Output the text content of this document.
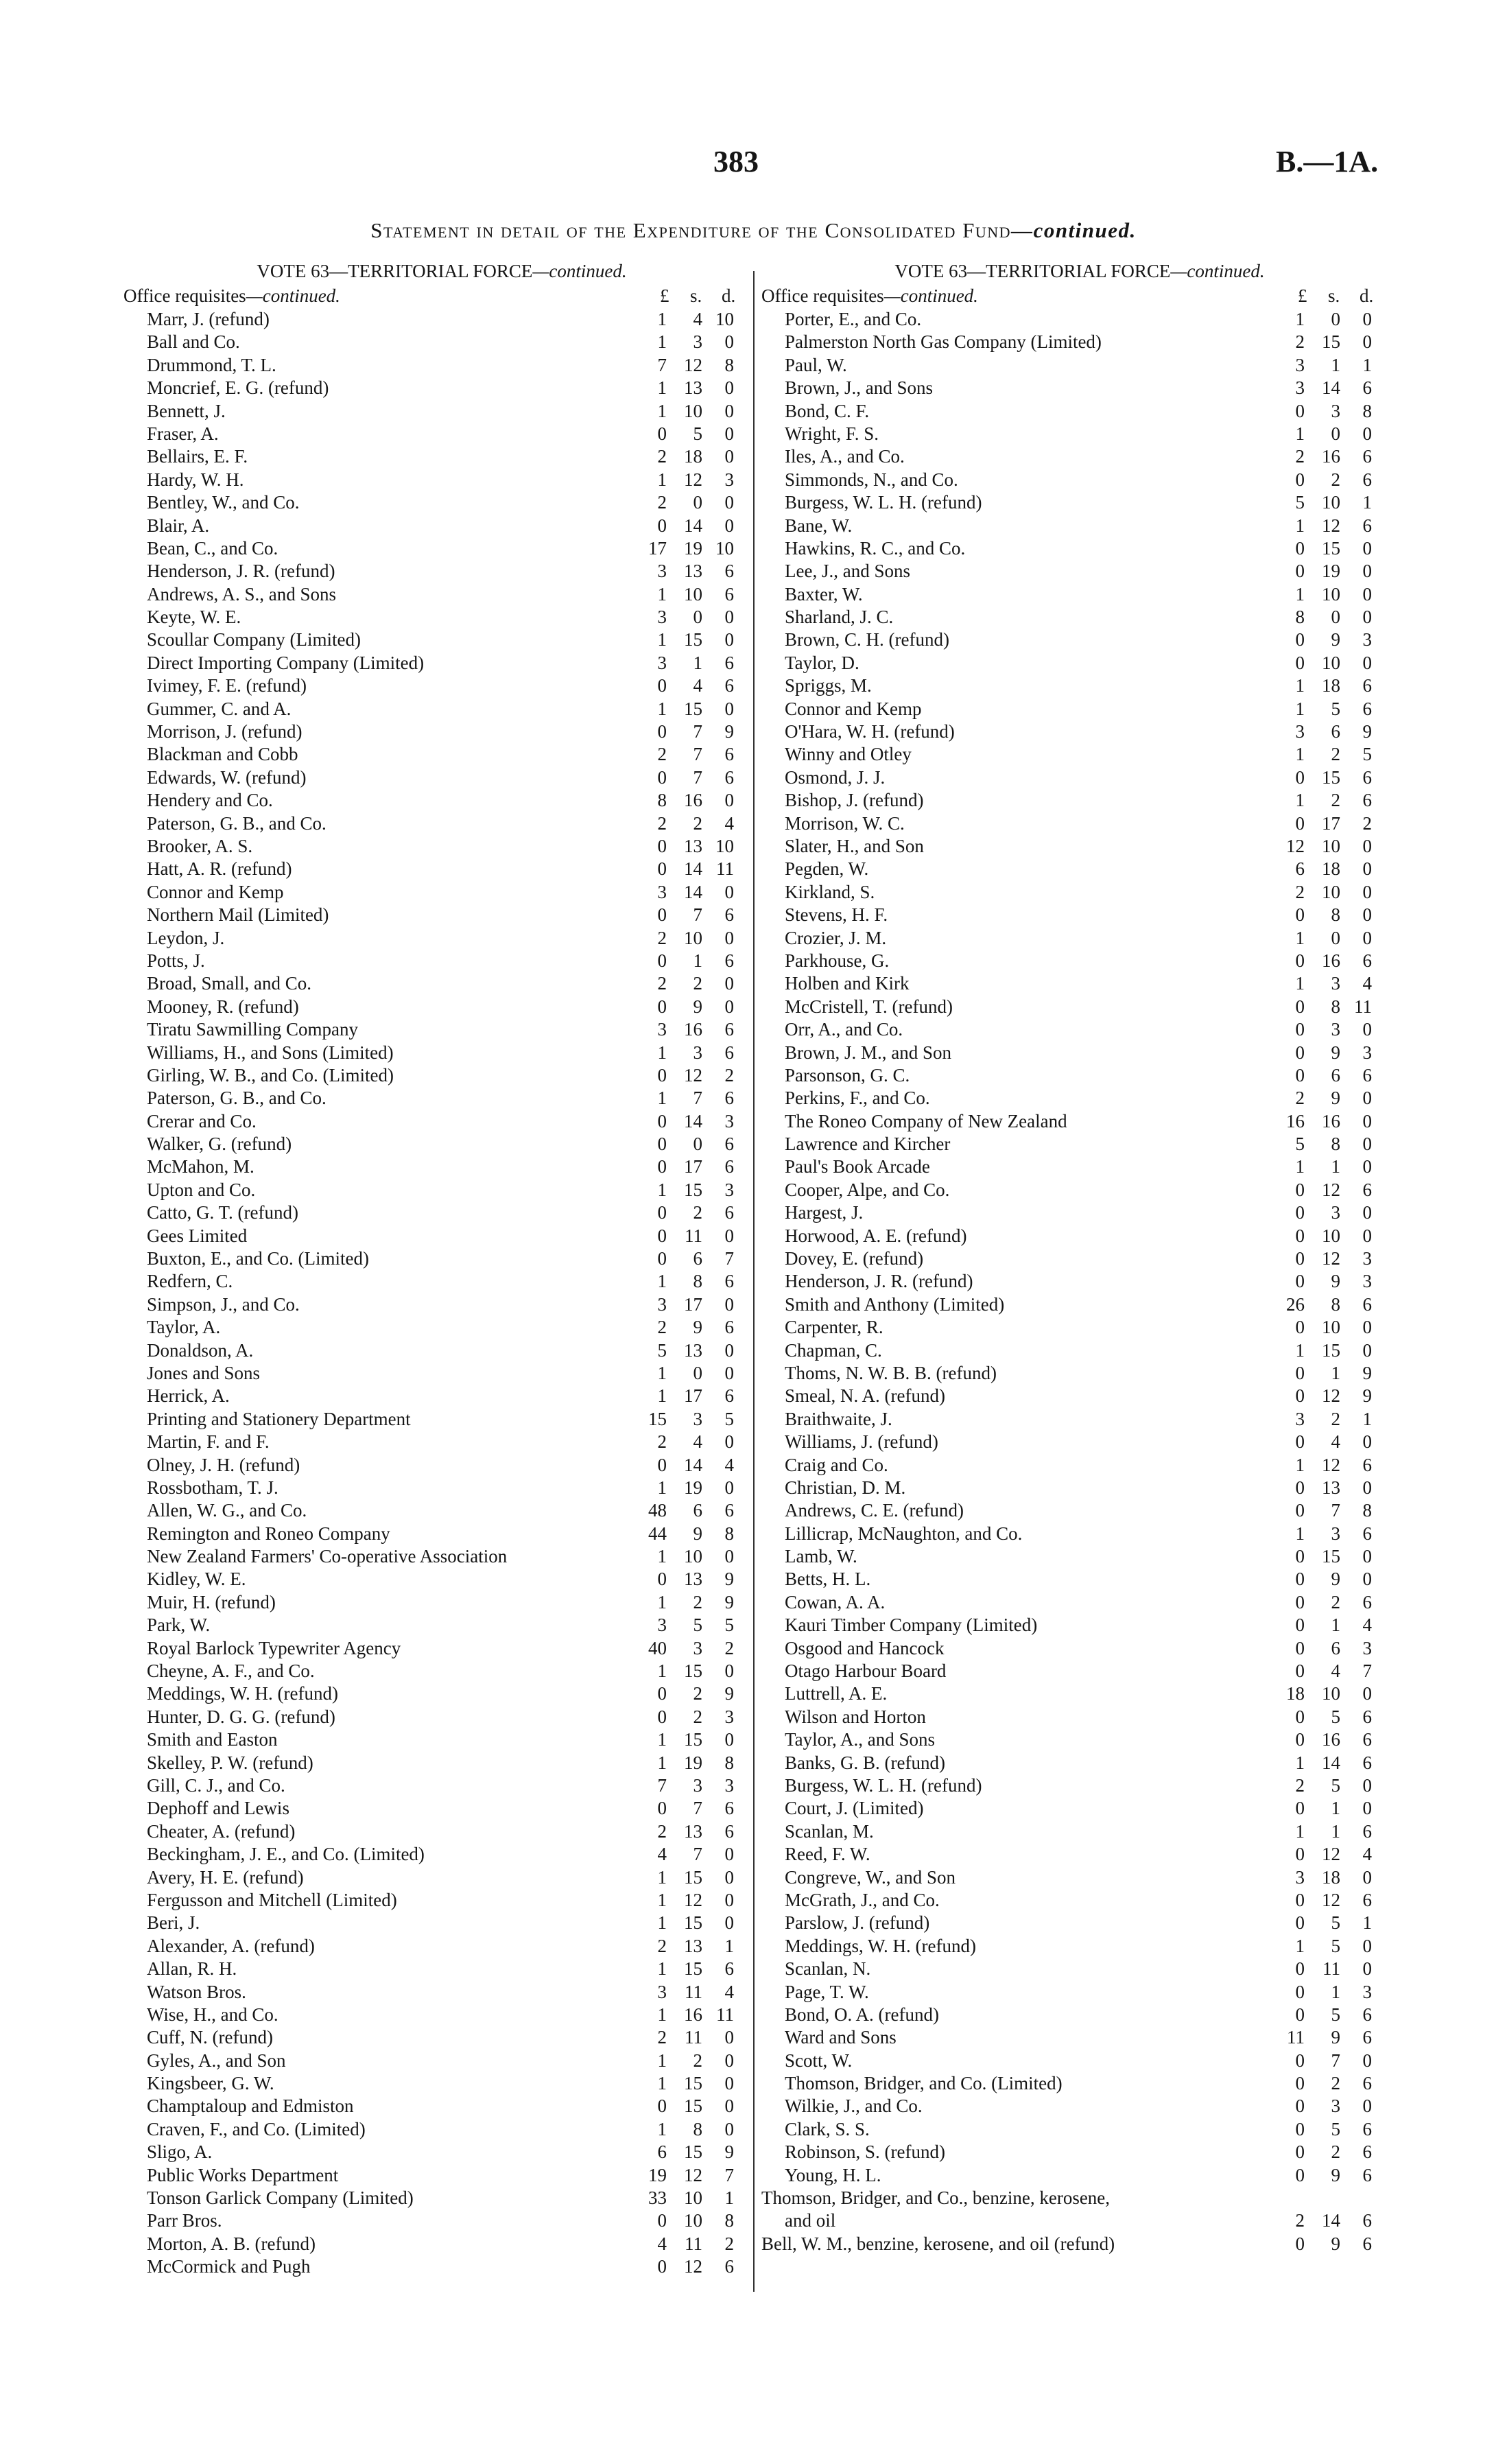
383	B.—1A.
Statement in detail of the Expenditure of the Consolidated Fund—continued.
VOTE 63—TERRITORIAL FORCE—continued.
Office requisites—continued.	£ s. d.
Marr, J. (refund)	1	4 10
Ball and Co.	1	3	0
Drummond, T. L.	7 12	8
Moncrief, E. G. (refund)	1 13	0
Bennett, J.	1 10	0
Fraser, A.	0	5	0
Bellairs, E. F.	2 18	0
Hardy, W. H.	1 12	3
Bentley, W., and Co.	2	0	0
Blair, A.	0 14	0
Bean, C., and Co.	17 19 10
Henderson, J. R. (refund)	3 13	6
Andrews, A. S., and Sons	1 10	6
Keyte, W. E.	3	0	0
Scoullar Company (Limited)	1 15	0
Direct Importing Company (Limited)	3	1	6
Ivimey, F. E. (refund)	0	4	6
Gummer, C. and A.	1 15	0
Morrison, J. (refund)	0	7	9
Blackman and Cobb	2	7	6
Edwards, W. (refund)	0	7	6
Hendery and Co.	8 16	0
Paterson, G. B., and Co.	2	2	4
Brooker, A. S.	0 13 10
Hatt, A. R. (refund)	0 14 11
Connor and Kemp	3 14	0
Northern Mail (Limited)	0	7	6
Leydon, J.	2 10	0
Potts, J.	0	1	6
Broad, Small, and Co.	2	2	0
Mooney, R. (refund)	0	9	0
Tiratu Sawmilling Company	3 16	6
Williams, H., and Sons (Limited)	1	3	6
Girling, W. B., and Co. (Limited)	0 12	2
Paterson, G. B., and Co.	1	7	6
Crerar and Co.	0 14	3
Walker, G. (refund)	0	0	6
McMahon, M.	0 17	6
Upton and Co.	1 15	3
Catto, G. T. (refund)	0	2	6
Gees Limited	0 11	0
Buxton, E., and Co. (Limited)	0	6	7
Redfern, C.	1	8	6
Simpson, J., and Co.	3 17	0
Taylor, A.	2	9	6
Donaldson, A.	5 13	0
Jones and Sons	1	0	0
Herrick, A.	1 17	6
Printing and Stationery Department	15	3	5
Martin, F. and F.	2	4	0
Olney, J. H. (refund)	0 14	4
Rossbotham, T. J.	1 19	0
Allen, W. G., and Co.	48	6	6
Remington and Roneo Company	44	9	8
New Zealand Farmers' Co-operative Association	1 10	0
Kidley, W. E.	0 13	9
Muir, H. (refund)	1	2	9
Park, W.	3	5	5
Royal Barlock Typewriter Agency	40	3	2
Cheyne, A. F., and Co.	1 15	0
Meddings, W. H. (refund)	0	2	9
Hunter, D. G. G. (refund)	0	2	3
Smith and Easton	1 15	0
Skelley, P. W. (refund)	1 19	8
Gill, C. J., and Co.	7	3	3
Dephoff and Lewis	0	7	6
Cheater, A. (refund)	2 13	6
Beckingham, J. E., and Co. (Limited)	4	7	0
Avery, H. E. (refund)	1 15	0
Fergusson and Mitchell (Limited)	1 12	0
Beri, J.	1 15	0
Alexander, A. (refund)	2 13	1
Allan, R. H.	1 15	6
Watson Bros.	3 11	4
Wise, H., and Co.	1 16 11
Cuff, N. (refund)	2 11	0
Gyles, A., and Son	1	2	0
Kingsbeer, G. W.	1 15	0
Champtaloup and Edmiston	0 15	0
Craven, F., and Co. (Limited)	1	8	0
Sligo, A.	6 15	9
Public Works Department	19 12	7
Tonson Garlick Company (Limited)	33 10	1
Parr Bros.	0 10	8
Morton, A. B. (refund)	4 11	2
McCormick and Pugh	0 12	6
VOTE 63—TERRITORIAL FORCE—continued.
Office requisites—continued.	£ s. d.
Porter, E., and Co.	1	0	0
Palmerston North Gas Company (Limited)	2 15	0
Paul, W.	3	1	1
Brown, J., and Sons	3 14	6
Bond, C. F.	0	3	8
Wright, F. S.	1	0	0
Iles, A., and Co.	2 16	6
Simmonds, N., and Co.	0	2	6
Burgess, W. L. H. (refund)	5 10	1
Bane, W.	1 12	6
Hawkins, R. C., and Co.	0 15	0
Lee, J., and Sons	0 19	0
Baxter, W.	1 10	0
Sharland, J. C.	8	0	0
Brown, C. H. (refund)	0	9	3
Taylor, D.	0 10	0
Spriggs, M.	1 18	6
Connor and Kemp	1	5	6
O'Hara, W. H. (refund)	3	6	9
Winny and Otley	1	2	5
Osmond, J. J.	0 15	6
Bishop, J. (refund)	1	2	6
Morrison, W. C.	0 17	2
Slater, H., and Son	12 10	0
Pegden, W.	6 18	0
Kirkland, S.	2 10	0
Stevens, H. F.	0	8	0
Crozier, J. M.	1	0	0
Parkhouse, G.	0 16	6
Holben and Kirk	1	3	4
McCristell, T. (refund)	0	8 11
Orr, A., and Co.	0	3	0
Brown, J. M., and Son	0	9	3
Parsonson, G. C.	0	6	6
Perkins, F., and Co.	2	9	0
The Roneo Company of New Zealand	16 16	0
Lawrence and Kircher	5	8	0
Paul's Book Arcade	1	1	0
Cooper, Alpe, and Co.	0 12	6
Hargest, J.	0	3	0
Horwood, A. E. (refund)	0 10	0
Dovey, E. (refund)	0 12	3
Henderson, J. R. (refund)	0	9	3
Smith and Anthony (Limited)	26	8	6
Carpenter, R.	0 10	0
Chapman, C.	1 15	0
Thoms, N. W. B. B. (refund)	0	1	9
Smeal, N. A. (refund)	0 12	9
Braithwaite, J.	3	2	1
Williams, J. (refund)	0	4	0
Craig and Co.	1 12	6
Christian, D. M.	0 13	0
Andrews, C. E. (refund)	0	7	8
Lillicrap, McNaughton, and Co.	1	3	6
Lamb, W.	0 15	0
Betts, H. L.	0	9	0
Cowan, A. A.	0	2	6
Kauri Timber Company (Limited)	0	1	4
Osgood and Hancock	0	6	3
Otago Harbour Board	0	4	7
Luttrell, A. E.	18 10	0
Wilson and Horton	0	5	6
Taylor, A., and Sons	0 16	6
Banks, G. B. (refund)	1 14	6
Burgess, W. L. H. (refund)	2	5	0
Court, J. (Limited)	0	1	0
Scanlan, M.	1	1	6
Reed, F. W.	0 12	4
Congreve, W., and Son	3 18	0
McGrath, J., and Co.	0 12	6
Parslow, J. (refund)	0	5	1
Meddings, W. H. (refund)	1	5	0
Scanlan, N.	0 11	0
Page, T. W.	0	1	3
Bond, O. A. (refund)	0	5	6
Ward and Sons	11	9	6
Scott, W.	0	7	0
Thomson, Bridger, and Co. (Limited)	0	2	6
Wilkie, J., and Co.	0	3	0
Clark, S. S.	0	5	6
Robinson, S. (refund)	0	2	6
Young, H. L.	0	9	6
Thomson, Bridger, and Co., benzine, kerosene,
and oil	2 14	6
Bell, W. M., benzine, kerosene, and oil (refund)	0	9	6
